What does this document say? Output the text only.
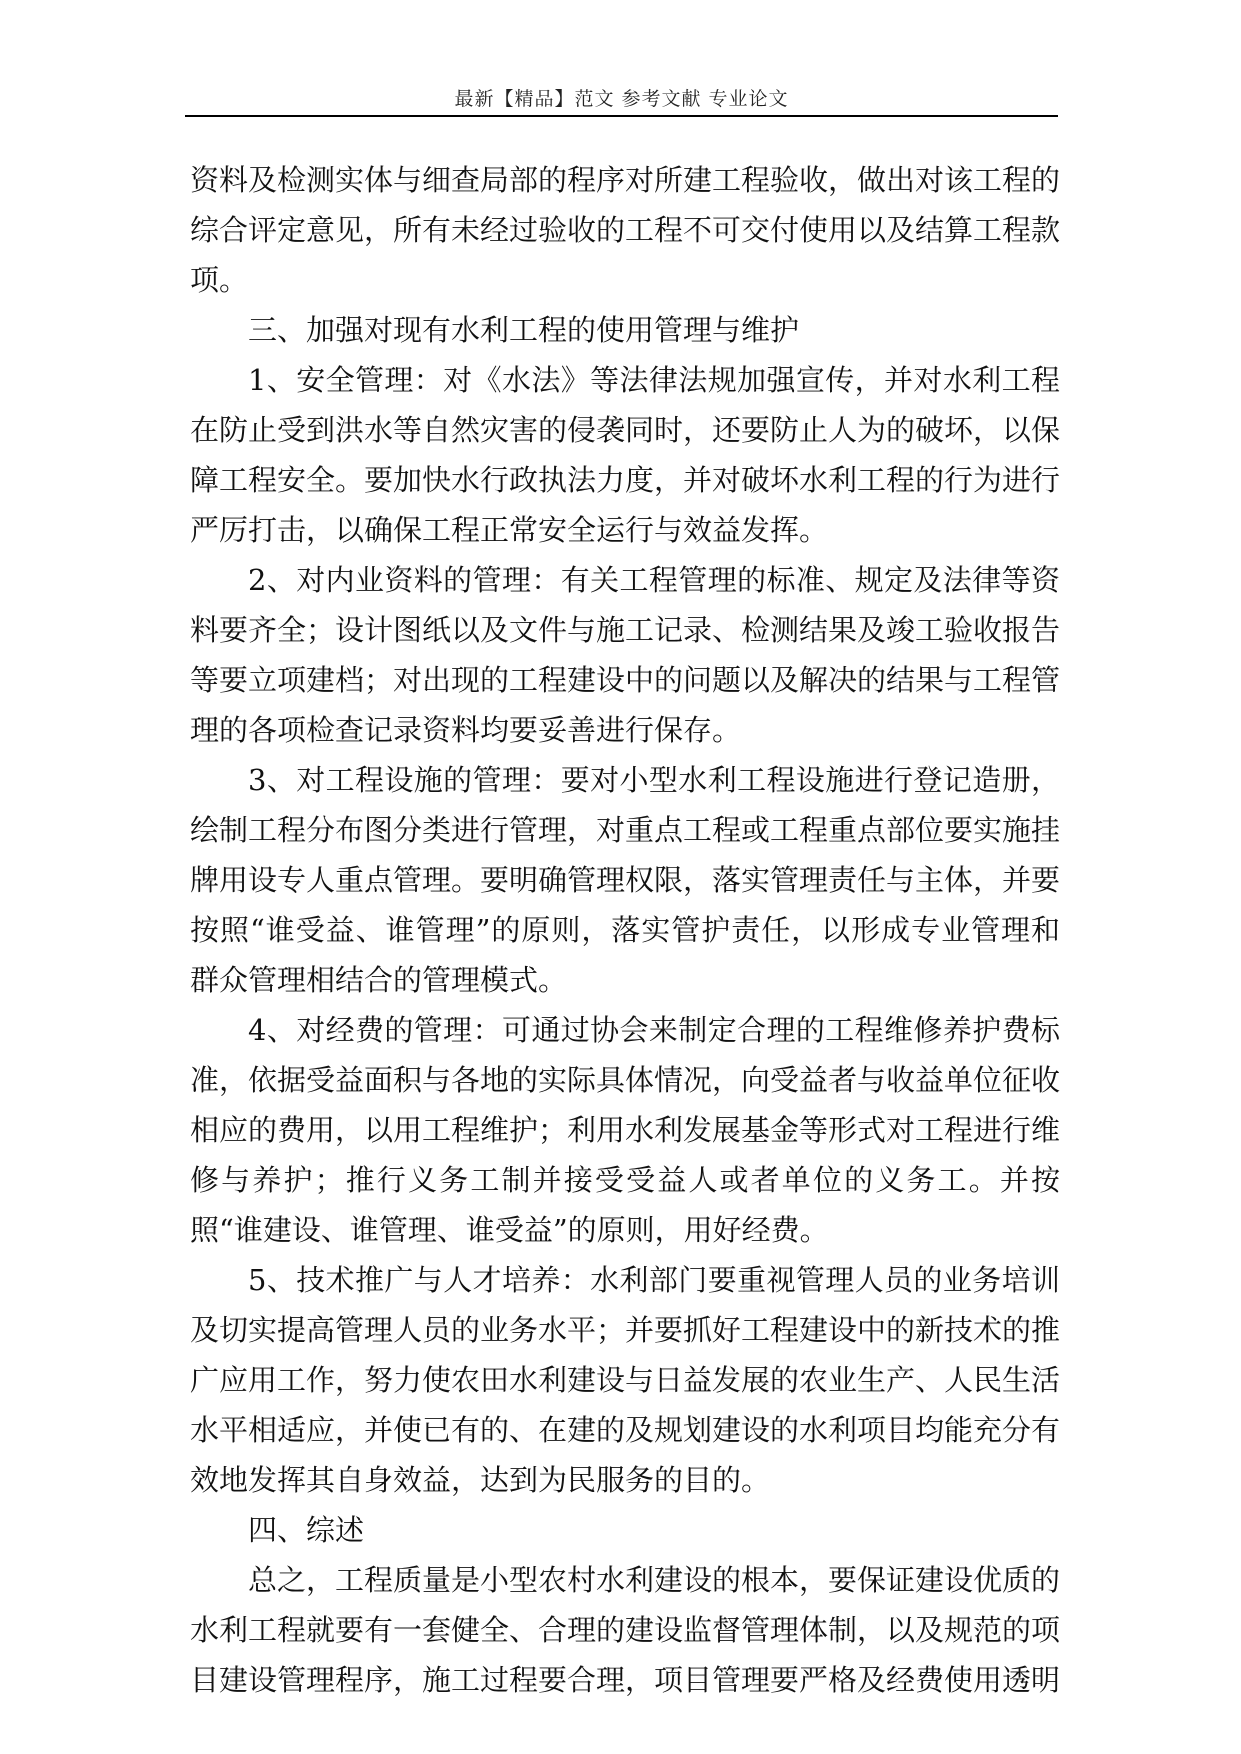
最新【精品】范文 参考文献 专业论文

资料及检测实体与细查局部的程序对所建工程验收，做出对该工程的综合评定意见，所有未经过验收的工程不可交付使用以及结算工程款项。

三、加强对现有水利工程的使用管理与维护

1、安全管理：对《水法》等法律法规加强宣传，并对水利工程在防止受到洪水等自然灾害的侵袭同时，还要防止人为的破坏，以保障工程安全。要加快水行政执法力度，并对破坏水利工程的行为进行严厉打击，以确保工程正常安全运行与效益发挥。

2、对内业资料的管理：有关工程管理的标准、规定及法律等资料要齐全；设计图纸以及文件与施工记录、检测结果及竣工验收报告等要立项建档；对出现的工程建设中的问题以及解决的结果与工程管理的各项检查记录资料均要妥善进行保存。

3、对工程设施的管理：要对小型水利工程设施进行登记造册，绘制工程分布图分类进行管理，对重点工程或工程重点部位要实施挂牌用设专人重点管理。要明确管理权限，落实管理责任与主体，并要按照“谁受益、谁管理”的原则，落实管护责任，以形成专业管理和群众管理相结合的管理模式。

4、对经费的管理：可通过协会来制定合理的工程维修养护费标准，依据受益面积与各地的实际具体情况，向受益者与收益单位征收相应的费用，以用工程维护；利用水利发展基金等形式对工程进行维修与养护；推行义务工制并接受受益人或者单位的义务工。并按照“谁建设、谁管理、谁受益”的原则，用好经费。

5、技术推广与人才培养：水利部门要重视管理人员的业务培训及切实提高管理人员的业务水平；并要抓好工程建设中的新技术的推广应用工作，努力使农田水利建设与日益发展的农业生产、人民生活水平相适应，并使已有的、在建的及规划建设的水利项目均能充分有效地发挥其自身效益，达到为民服务的目的。

四、综述

总之，工程质量是小型农村水利建设的根本，要保证建设优质的水利工程就要有一套健全、合理的建设监督管理体制，以及规范的项目建设管理程序，施工过程要合理，项目管理要严格及经费使用透明
